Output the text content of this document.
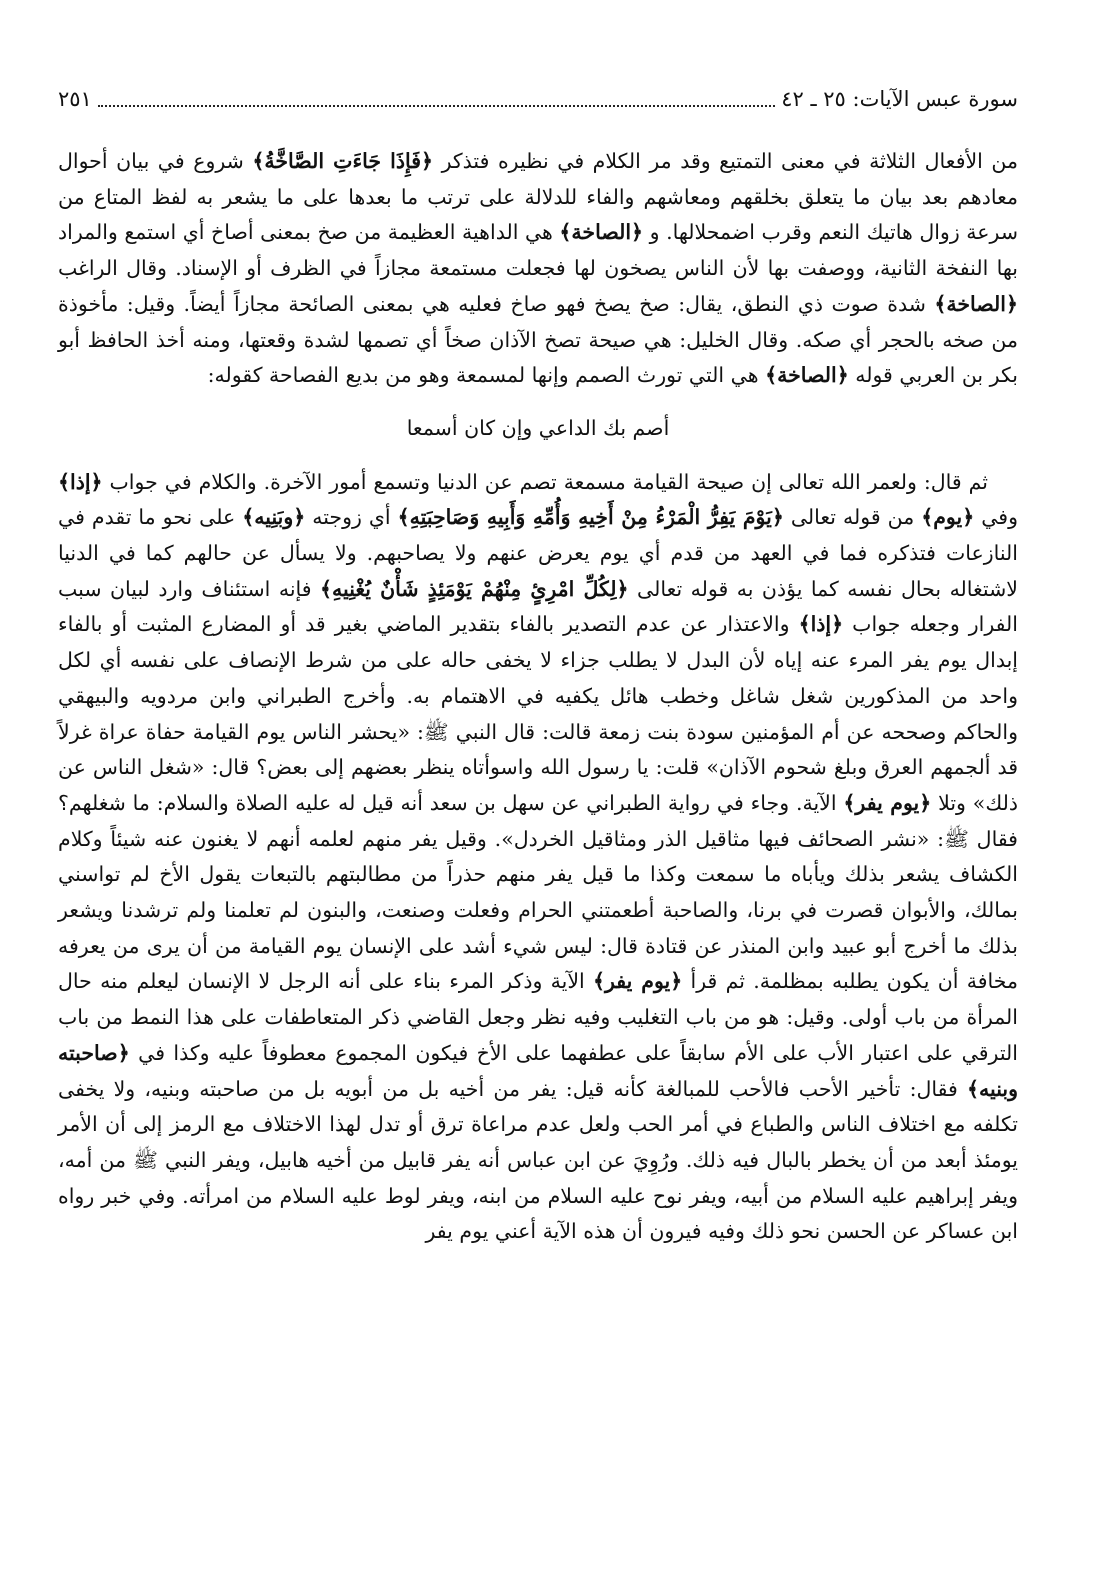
سورة عبس الآيات: ٢٥ ـ ٤٢
٢٥١

من الأفعال الثلاثة في معنى التمتيع وقد مر الكلام في نظيره فتذكر ﴿فَإِذَا جَاءَتِ الصَّاخَّةُ﴾ شروع في بيان أحوال معادهم بعد بيان ما يتعلق بخلقهم ومعاشهم والفاء للدلالة على ترتب ما بعدها على ما يشعر به لفظ المتاع من سرعة زوال هاتيك النعم وقرب اضمحلالها. و ﴿الصاخة﴾ هي الداهية العظيمة من صخ بمعنى أصاخ أي استمع والمراد بها النفخة الثانية، ووصفت بها لأن الناس يصخون لها فجعلت مستمعة مجازاً في الظرف أو الإسناد. وقال الراغب ﴿الصاخة﴾ شدة صوت ذي النطق، يقال: صخ يصخ فهو صاخ فعليه هي بمعنى الصائحة مجازاً أيضاً. وقيل: مأخوذة من صخه بالحجر أي صكه. وقال الخليل: هي صيحة تصخ الآذان صخاً أي تصمها لشدة وقعتها، ومنه أخذ الحافظ أبو بكر بن العربي قوله ﴿الصاخة﴾ هي التي تورث الصمم وإنها لمسمعة وهو من بديع الفصاحة كقوله:

أصم بك الداعي وإن كان أسمعا

ثم قال: ولعمر الله تعالى إن صيحة القيامة مسمعة تصم عن الدنيا وتسمع أمور الآخرة. والكلام في جواب ﴿إذا﴾ وفي ﴿يوم﴾ من قوله تعالى ﴿يَوْمَ يَفِرُّ الْمَرْءُ مِنْ أَخِيهِ وَأُمِّهِ وَأَبِيهِ وَصَاحِبَتِهِ﴾ أي زوجته ﴿وبَنِيه﴾ على نحو ما تقدم في النازعات فتذكره فما في العهد من قدم أي يوم يعرض عنهم ولا يصاحبهم. ولا يسأل عن حالهم كما في الدنيا لاشتغاله بحال نفسه كما يؤذن به قوله تعالى ﴿لِكُلِّ امْرِئٍ مِنْهُمْ يَوْمَئِذٍ شَأْنٌ يُغْنِيهِ﴾ فإنه استئناف وارد لبيان سبب الفرار وجعله جواب ﴿إذا﴾ والاعتذار عن عدم التصدير بالفاء بتقدير الماضي بغير قد أو المضارع المثبت أو بالفاء إبدال يوم يفر المرء عنه إياه لأن البدل لا يطلب جزاء لا يخفى حاله على من شرط الإنصاف على نفسه أي لكل واحد من المذكورين شغل شاغل وخطب هائل يكفيه في الاهتمام به. وأخرج الطبراني وابن مردويه والبيهقي والحاكم وصححه عن أم المؤمنين سودة بنت زمعة قالت: قال النبي ﷺ: «يحشر الناس يوم القيامة حفاة عراة غرلاً قد ألجمهم العرق وبلغ شحوم الآذان» قلت: يا رسول الله واسوأتاه ينظر بعضهم إلى بعض؟ قال: «شغل الناس عن ذلك» وتلا ﴿يوم يفر﴾ الآية. وجاء في رواية الطبراني عن سهل بن سعد أنه قيل له عليه الصلاة والسلام: ما شغلهم؟ فقال ﷺ: «نشر الصحائف فيها مثاقيل الذر ومثاقيل الخردل». وقيل يفر منهم لعلمه أنهم لا يغنون عنه شيئاً وكلام الكشاف يشعر بذلك ويأباه ما سمعت وكذا ما قيل يفر منهم حذراً من مطالبتهم بالتبعات يقول الأخ لم تواسني بمالك، والأبوان قصرت في برنا، والصاحبة أطعمتني الحرام وفعلت وصنعت، والبنون لم تعلمنا ولم ترشدنا ويشعر بذلك ما أخرج أبو عبيد وابن المنذر عن قتادة قال: ليس شيء أشد على الإنسان يوم القيامة من أن يرى من يعرفه مخافة أن يكون يطلبه بمظلمة. ثم قرأ ﴿يوم يفر﴾ الآية وذكر المرء بناء على أنه الرجل لا الإنسان ليعلم منه حال المرأة من باب أولى. وقيل: هو من باب التغليب وفيه نظر وجعل القاضي ذكر المتعاطفات على هذا النمط من باب الترقي على اعتبار الأب على الأم سابقاً على عطفهما على الأخ فيكون المجموع معطوفاً عليه وكذا في ﴿صاحبته وبنيه﴾ فقال: تأخير الأحب فالأحب للمبالغة كأنه قيل: يفر من أخيه بل من أبويه بل من صاحبته وبنيه، ولا يخفى تكلفه مع اختلاف الناس والطباع في أمر الحب ولعل عدم مراعاة ترق أو تدل لهذا الاختلاف مع الرمز إلى أن الأمر يومئذ أبعد من أن يخطر بالبال فيه ذلك. ورُوِيَ عن ابن عباس أنه يفر قابيل من أخيه هابيل، ويفر النبي ﷺ من أمه، ويفر إبراهيم عليه السلام من أبيه، ويفر نوح عليه السلام من ابنه، ويفر لوط عليه السلام من امرأته. وفي خبر رواه ابن عساكر عن الحسن نحو ذلك وفيه فيرون أن هذه الآية أعني يوم يفر
